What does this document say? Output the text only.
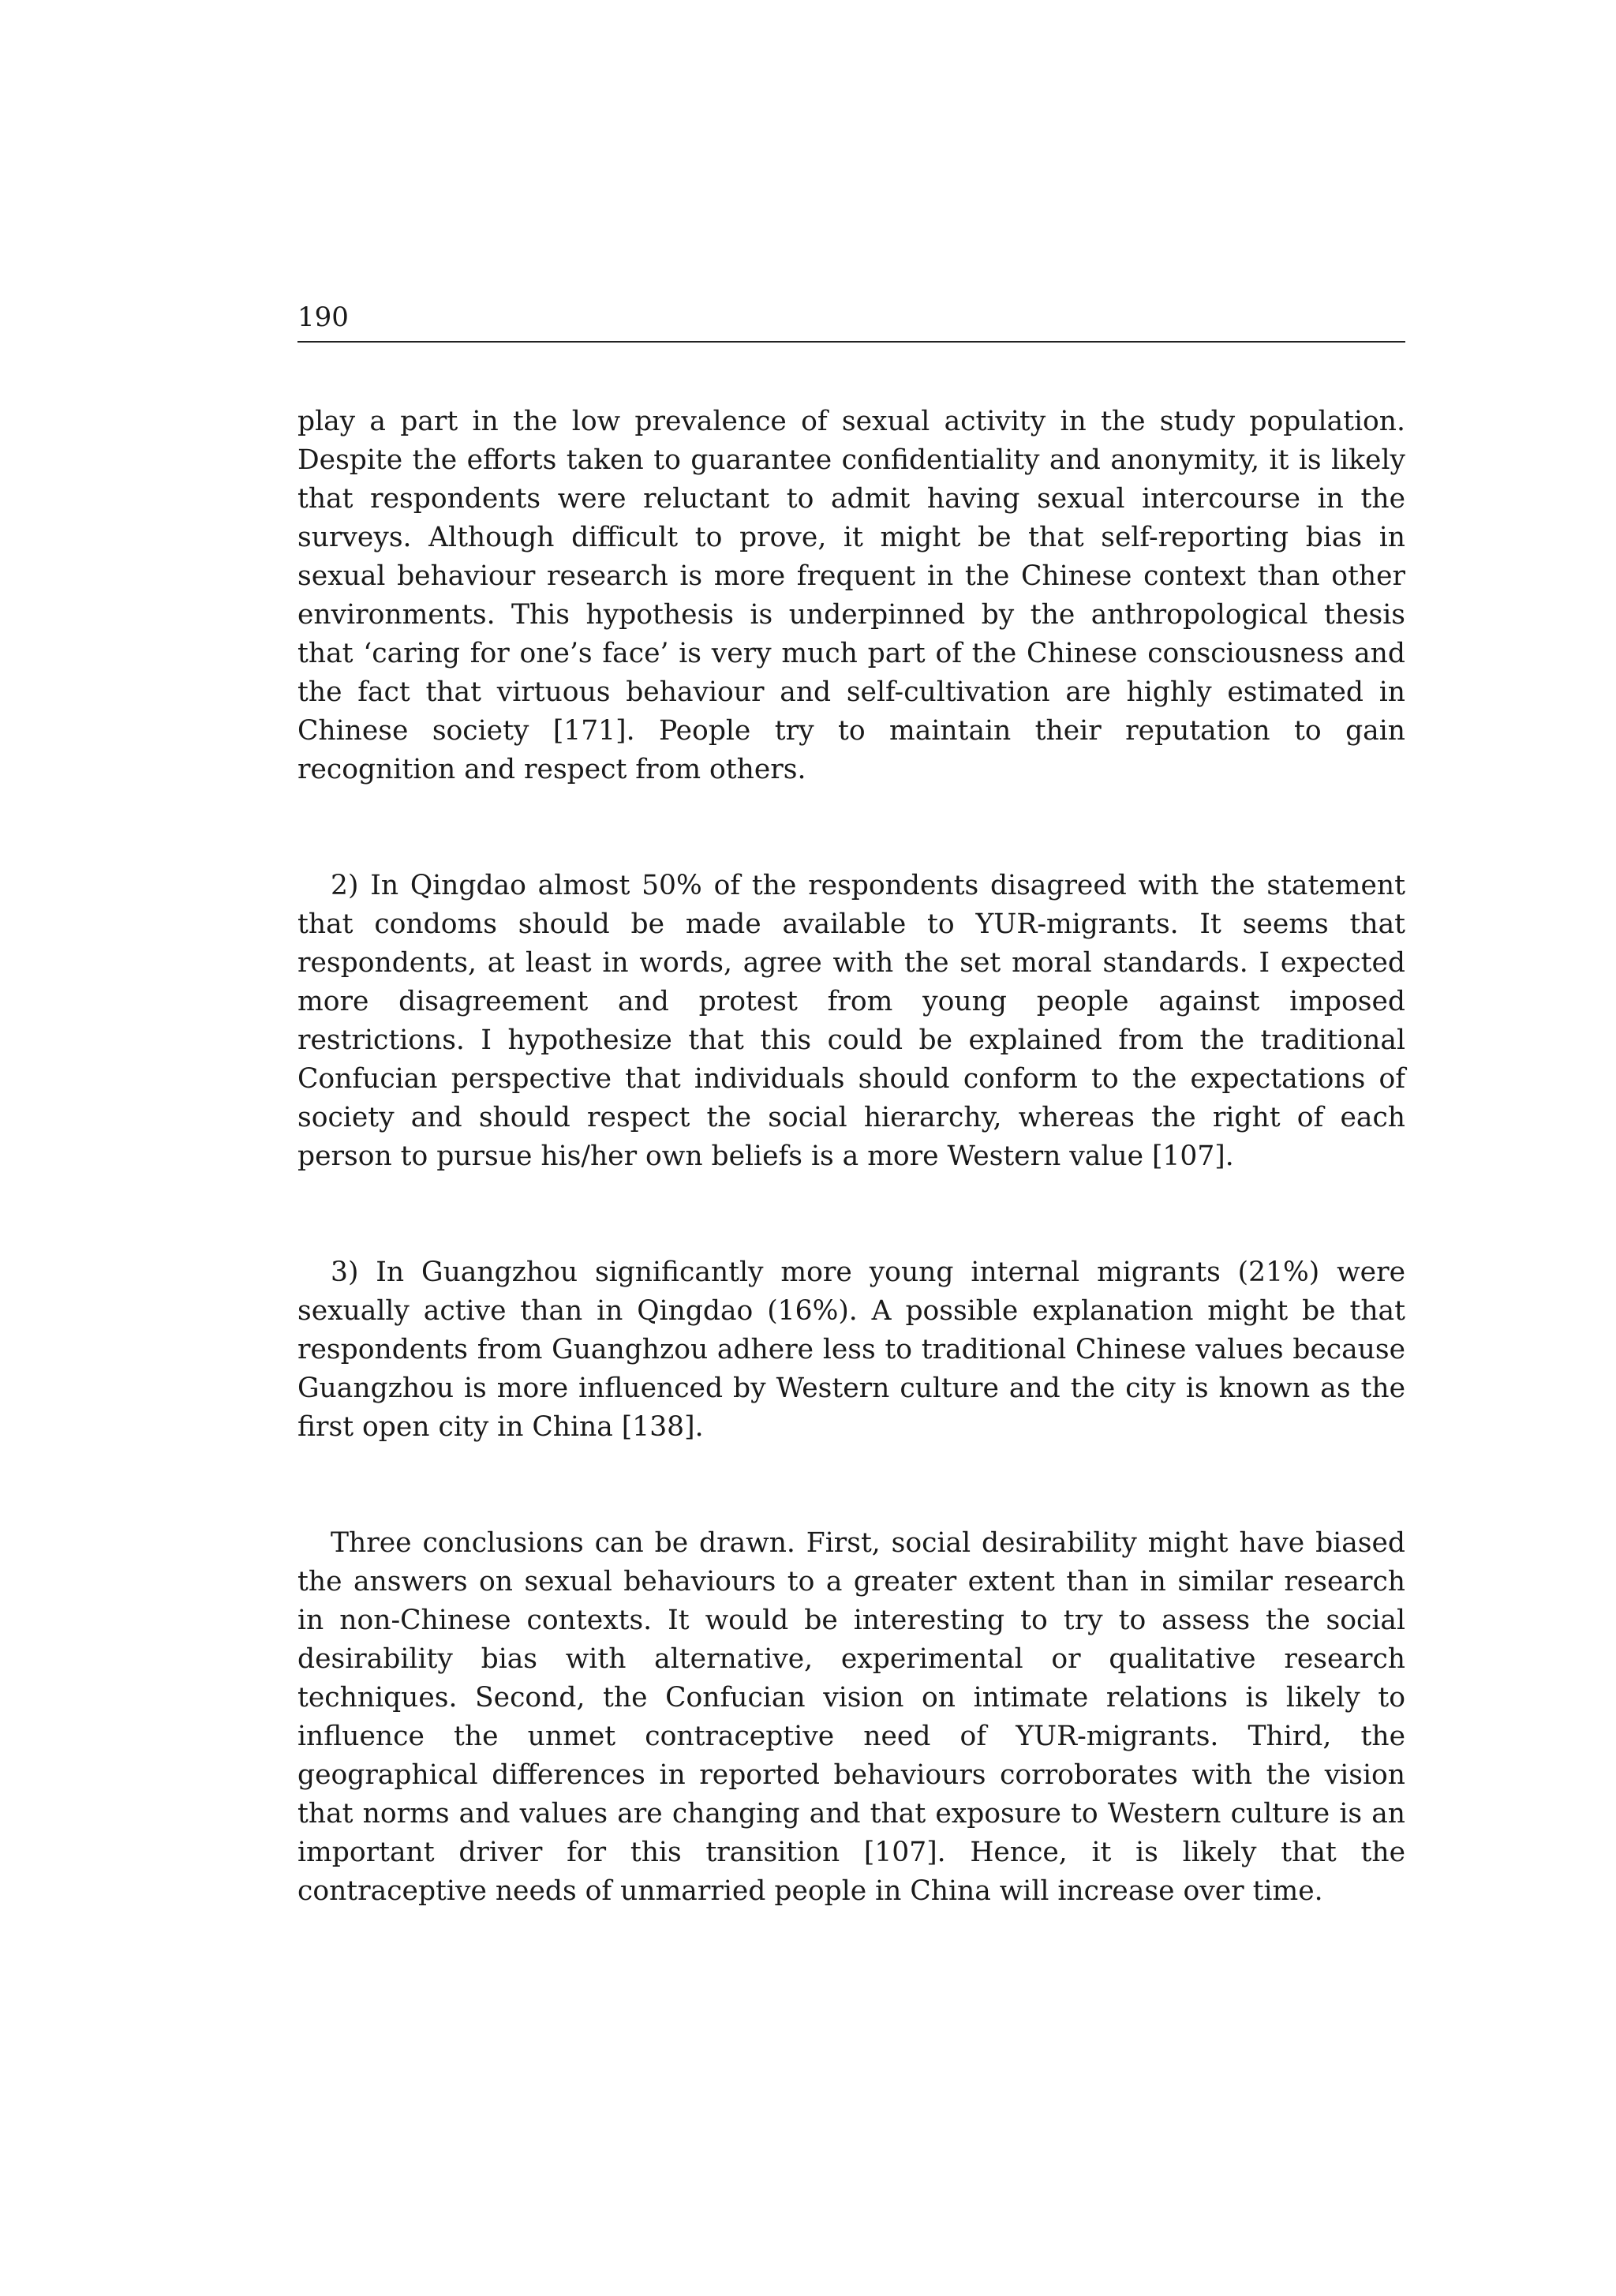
190

play a part in the low prevalence of sexual activity in the study population. Despite the efforts taken to guarantee confidentiality and anonymity, it is likely that respondents were reluctant to admit having sexual intercourse in the surveys. Although difficult to prove, it might be that self-reporting bias in sexual behaviour research is more frequent in the Chinese context than other environments. This hypothesis is underpinned by the anthropological thesis that ‘caring for one’s face’ is very much part of the Chinese consciousness and the fact that virtuous behaviour and self-cultivation are highly estimated in Chinese society [171]. People try to maintain their reputation to gain recognition and respect from others.

2) In Qingdao almost 50% of the respondents disagreed with the statement that condoms should be made available to YUR-migrants. It seems that respondents, at least in words, agree with the set moral standards. I expected more disagreement and protest from young people against imposed restrictions. I hypothesize that this could be explained from the traditional Confucian perspective that individuals should conform to the expectations of society and should respect the social hierarchy, whereas the right of each person to pursue his/her own beliefs is a more Western value [107].

3) In Guangzhou significantly more young internal migrants (21%) were sexually active than in Qingdao (16%). A possible explanation might be that respondents from Guanghzou adhere less to traditional Chinese values because Guangzhou is more influenced by Western culture and the city is known as the first open city in China [138].

Three conclusions can be drawn. First, social desirability might have biased the answers on sexual behaviours to a greater extent than in similar research in non-Chinese contexts. It would be interesting to try to assess the social desirability bias with alternative, experimental or qualitative research techniques. Second, the Confucian vision on intimate relations is likely to influence the unmet contraceptive need of YUR-migrants. Third, the geographical differences in reported behaviours corroborates with the vision that norms and values are changing and that exposure to Western culture is an important driver for this transition [107]. Hence, it is likely that the contraceptive needs of unmarried people in China will increase over time.
